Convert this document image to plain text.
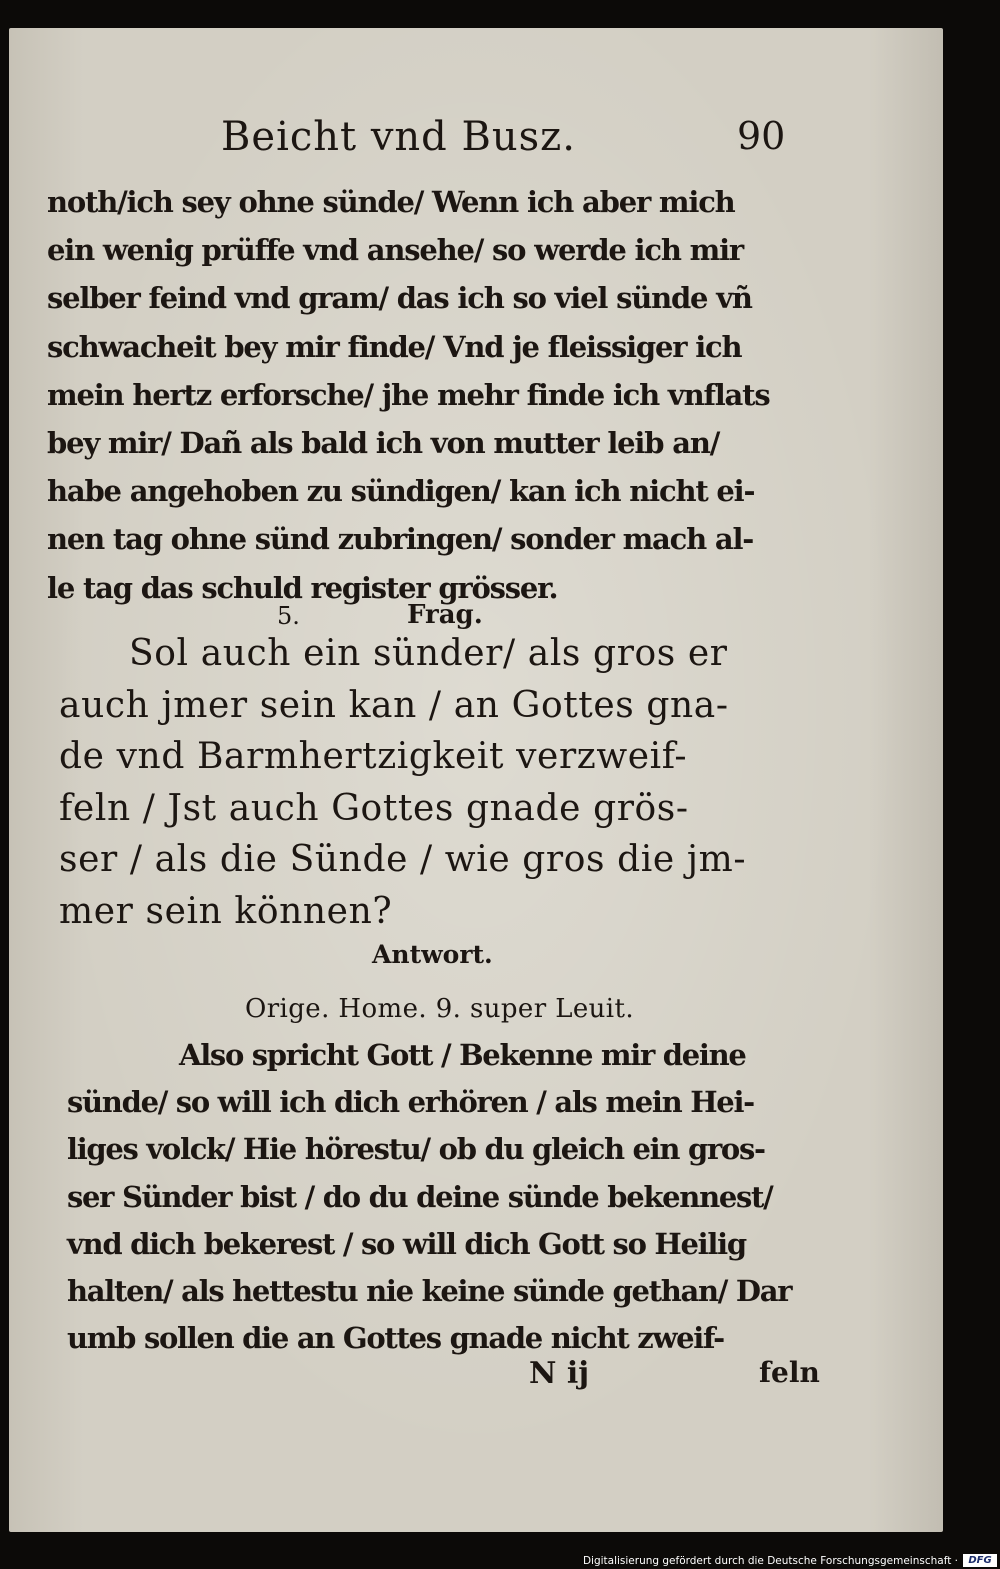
Beicht vnd Busz.	90
noth/ich sey ohne sünde/ Wenn ich aber mich
ein wenig prüffe vnd ansehe/ so werde ich mir
selber feind vnd gram/ das ich so viel sünde vñ
schwacheit bey mir finde/ Vnd je fleissiger ich
mein hertz erforsche/ jhe mehr finde ich vnflats
bey mir/ Dañ als bald ich von mutter leib an/
habe angehoben zu sündigen/ kan ich nicht ei-
nen tag ohne sünd zubringen/ sonder mach al-
le tag das schuld register grösser.
5.	Frag.
Sol auch ein sünder/ als gros er
auch jmer sein kan / an Gottes gna-
de vnd Barmhertzigkeit verzweif-
feln / Jst auch Gottes gnade grös-
ser / als die Sünde / wie gros die jm-
mer sein können?
Antwort.
Orige. Home. 9. super Leuit.
Also spricht Gott / Bekenne mir deine
sünde/ so will ich dich erhören / als mein Hei-
liges volck/ Hie hörestu/ ob du gleich ein gros-
ser Sünder bist / do du deine sünde bekennest/
vnd dich bekerest / so will dich Gott so Heilig
halten/ als hettestu nie keine sünde gethan/ Dar
umb sollen die an Gottes gnade nicht zweif-
N ij	feln
Digitalisierung gefördert durch die Deutsche Forschungsgemeinschaft ·	DFG
